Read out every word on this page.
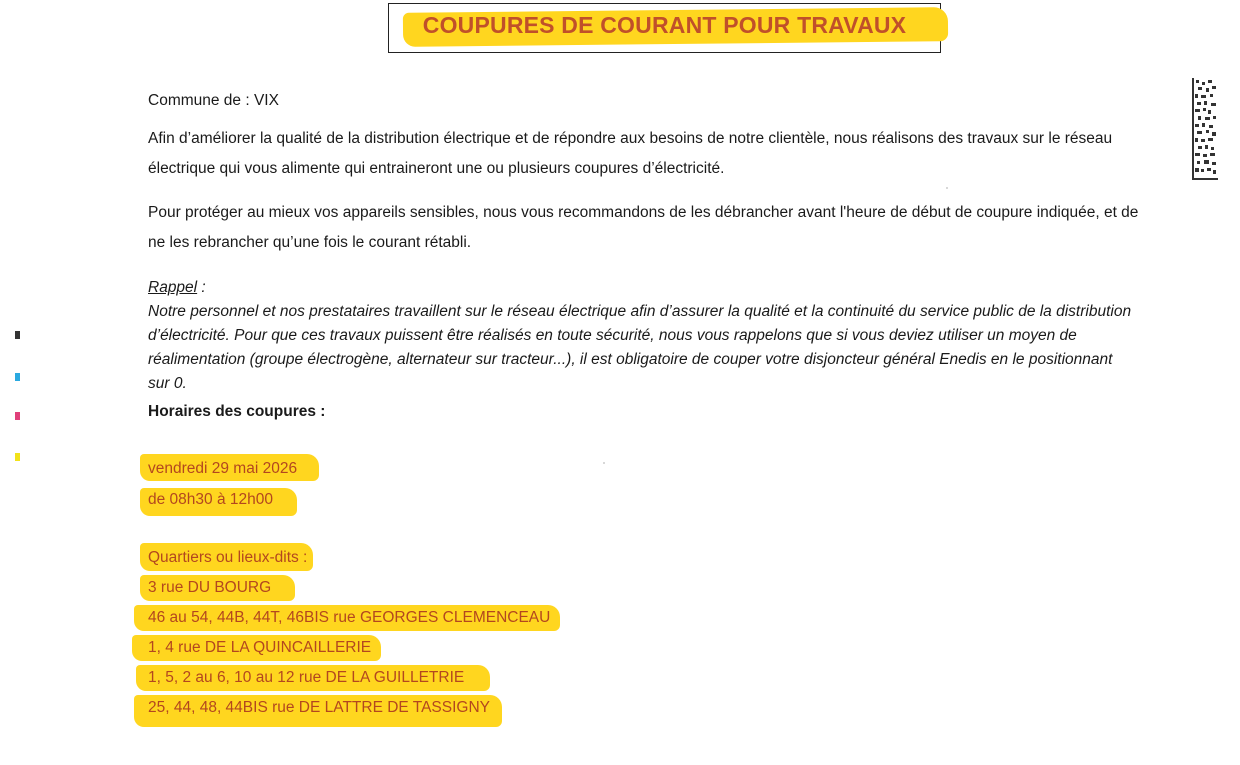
COUPURES DE COURANT POUR TRAVAUX
Commune de : VIX
Afin d’améliorer la qualité de la distribution électrique et de répondre aux besoins de notre clientèle, nous réalisons des travaux sur le réseau électrique qui vous alimente qui entraineront une ou plusieurs coupures d’électricité.
Pour protéger au mieux vos appareils sensibles, nous vous recommandons de les débrancher avant l'heure de début de coupure indiquée, et de ne les rebrancher qu’une fois le courant rétabli.
Rappel :
Notre personnel et nos prestataires travaillent sur le réseau électrique afin d’assurer la qualité et la continuité du service public de la distribution d’électricité. Pour que ces travaux puissent être réalisés en toute sécurité, nous vous rappelons que si vous deviez utiliser un moyen de réalimentation (groupe électrogène, alternateur sur tracteur...), il est obligatoire de couper votre disjoncteur général Enedis en le positionnant sur 0.
Horaires des coupures :
vendredi 29 mai 2026
de 08h30 à 12h00
Quartiers ou lieux-dits :
3 rue DU BOURG
46 au 54, 44B, 44T, 46BIS rue GEORGES CLEMENCEAU
1, 4 rue DE LA QUINCAILLERIE
1, 5, 2 au 6, 10 au 12 rue DE LA GUILLETRIE
25, 44, 48, 44BIS rue DE LATTRE DE TASSIGNY
